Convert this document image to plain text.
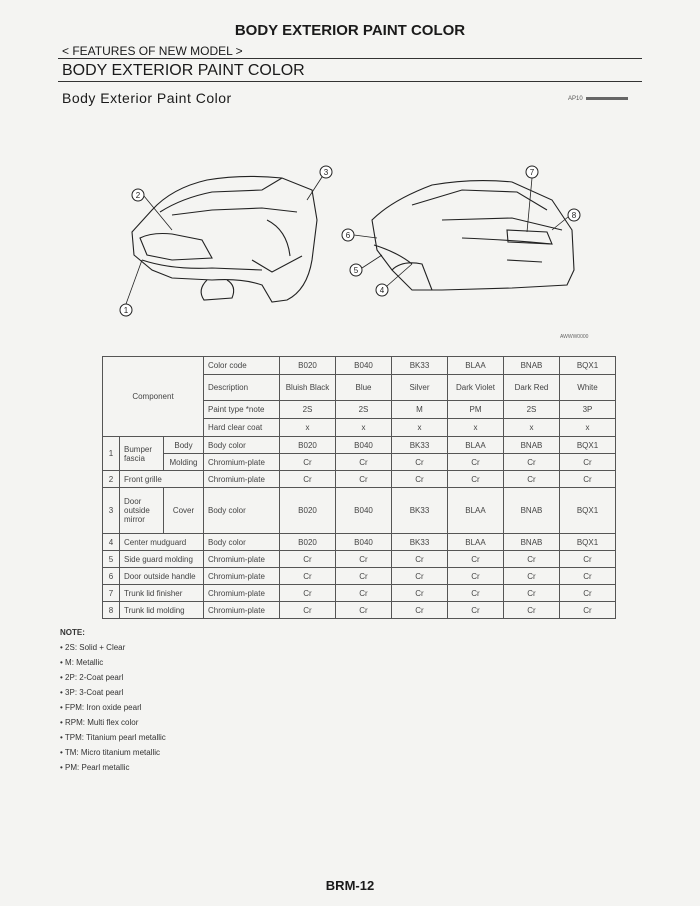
BODY EXTERIOR PAINT COLOR
< FEATURES OF NEW MODEL >
BODY EXTERIOR PAINT COLOR
Body Exterior Paint Color	AP10
1
2
3
4
5
6
7
8
AWWW0000
Component			Color code	B020	B040	BK33	BLAA	BNAB	BQX1
			Description	Bluish Black	Blue	Silver	Dark Violet	Dark Red	White
			Paint type *note	2S	2S	M	PM	2S	3P
			Hard clear coat	x	x	x	x	x	x
1	Bumper fascia	Body	Body color	B020	B040	BK33	BLAA	BNAB	BQX1
		Molding	Chromium-plate	Cr	Cr	Cr	Cr	Cr	Cr
2	Front grille		Chromium-plate	Cr	Cr	Cr	Cr	Cr	Cr
3	Door outside mirror	Cover	Body color	B020	B040	BK33	BLAA	BNAB	BQX1
4	Center mudguard		Body color	B020	B040	BK33	BLAA	BNAB	BQX1
5	Side guard molding		Chromium-plate	Cr	Cr	Cr	Cr	Cr	Cr
6	Door outside handle		Chromium-plate	Cr	Cr	Cr	Cr	Cr	Cr
7	Trunk lid finisher		Chromium-plate	Cr	Cr	Cr	Cr	Cr	Cr
8	Trunk lid molding		Chromium-plate	Cr	Cr	Cr	Cr	Cr	Cr
NOTE:
• 2S: Solid + Clear
• M: Metallic
• 2P: 2-Coat pearl
• 3P: 3-Coat pearl
• FPM: Iron oxide pearl
• RPM: Multi flex color
• TPM: Titanium pearl metallic
• TM: Micro titanium metallic
• PM: Pearl metallic
BRM-12
